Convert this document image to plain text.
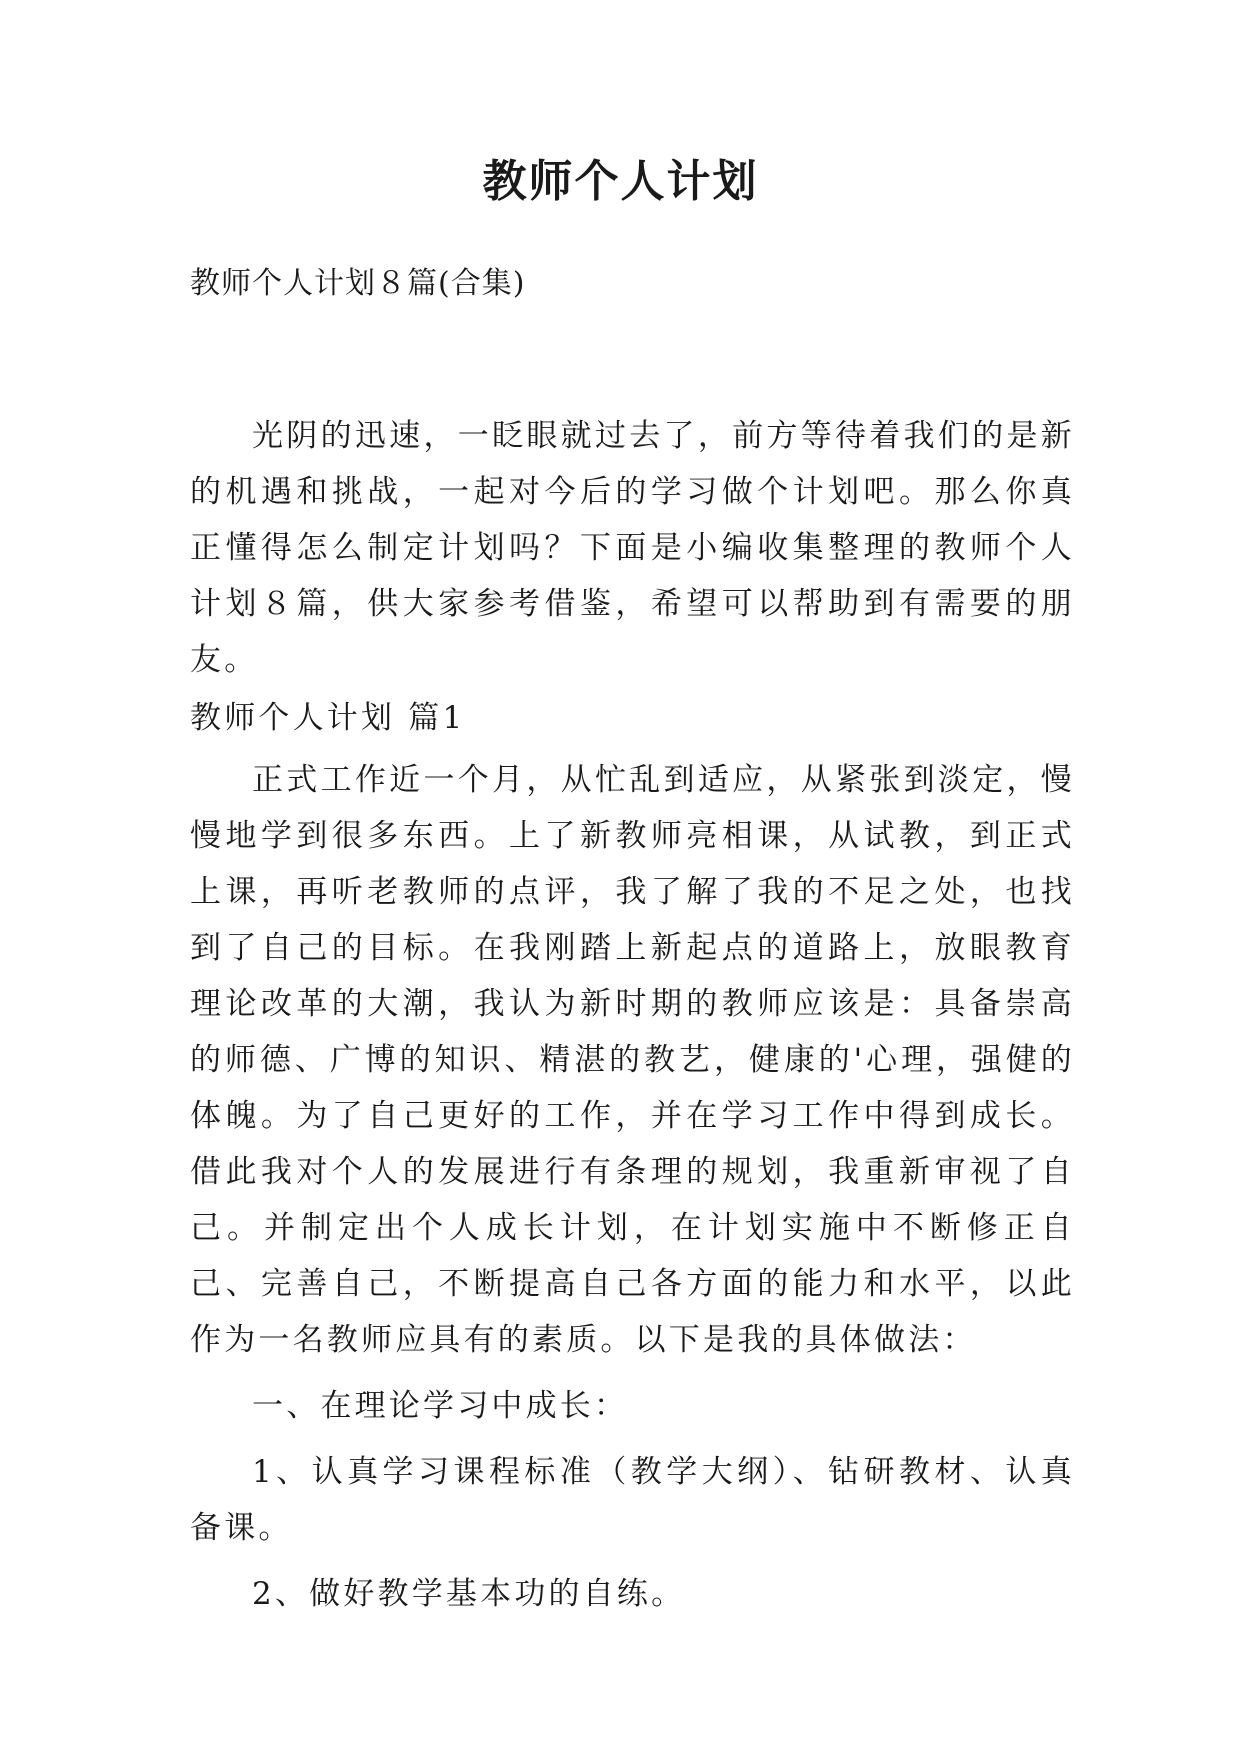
教师个人计划

教师个人计划８篇(合集)

光阴的迅速，一眨眼就过去了，前方等待着我们的是新的机遇和挑战，一起对今后的学习做个计划吧。那么你真正懂得怎么制定计划吗？下面是小编收集整理的教师个人计划８篇，供大家参考借鉴，希望可以帮助到有需要的朋友。

教师个人计划 篇1

正式工作近一个月，从忙乱到适应，从紧张到淡定，慢慢地学到很多东西。上了新教师亮相课，从试教，到正式上课，再听老教师的点评，我了解了我的不足之处，也找到了自己的目标。在我刚踏上新起点的道路上，放眼教育理论改革的大潮，我认为新时期的教师应该是：具备崇高的师德、广博的知识、精湛的教艺，健康的'心理，强健的体魄。为了自己更好的工作，并在学习工作中得到成长。借此我对个人的发展进行有条理的规划，我重新审视了自己。并制定出个人成长计划，在计划实施中不断修正自己、完善自己，不断提高自己各方面的能力和水平，以此作为一名教师应具有的素质。以下是我的具体做法：

一、在理论学习中成长：

1、认真学习课程标准（教学大纲）、钻研教材、认真备课。

2、做好教学基本功的自练。
